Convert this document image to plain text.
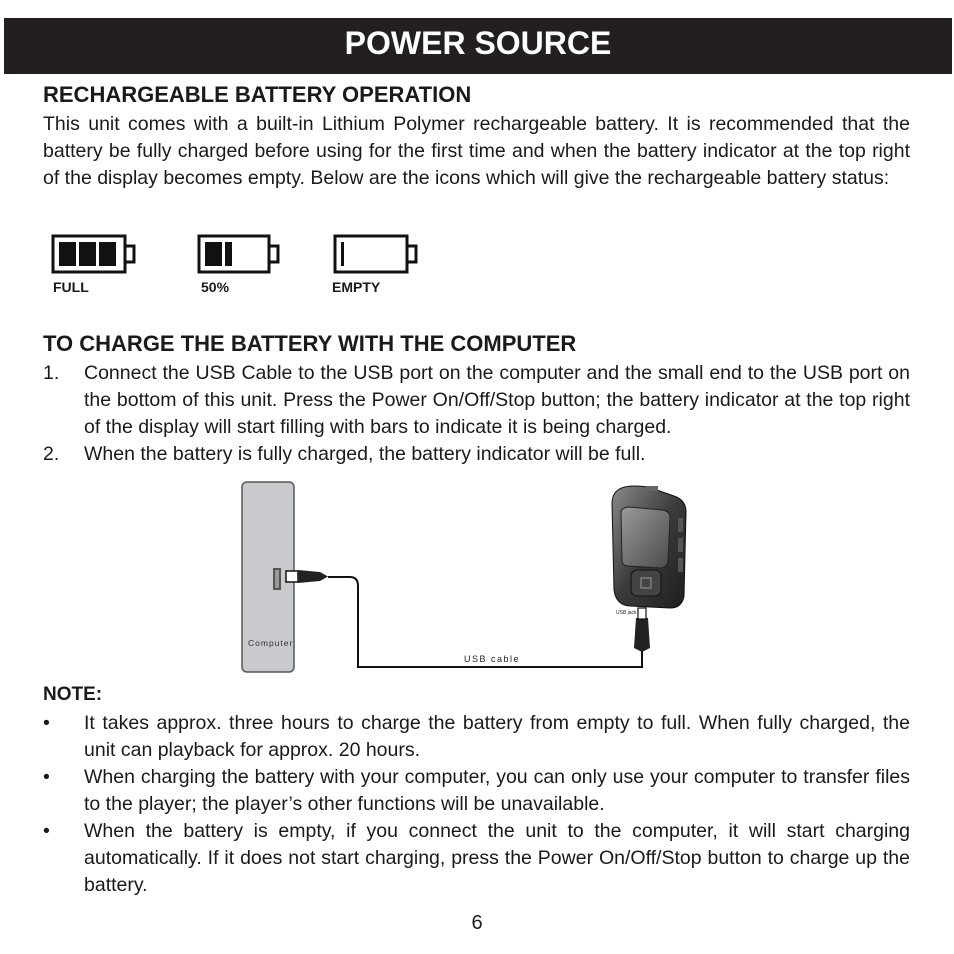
POWER SOURCE
RECHARGEABLE BATTERY OPERATION
This unit comes with a built-in Lithium Polymer rechargeable battery. It is recommended that the battery be fully charged before using for the first time and when the battery indicator at the top right of the display becomes empty. Below are the icons which will give the rechargeable battery status:
FULL	50%	EMPTY
TO CHARGE THE BATTERY WITH THE COMPUTER
1. Connect the USB Cable to the USB port on the computer and the small end to the USB port on the bottom of this unit. Press the Power On/Off/Stop button; the battery indicator at the top right of the display will start filling with bars to indicate it is being charged.
2. When the battery is fully charged, the battery indicator will be full.
Computer
USB cable
USB jack
NOTE:
• It takes approx. three hours to charge the battery from empty to full. When fully charged, the unit can playback for approx. 20 hours.
• When charging the battery with your computer, you can only use your computer to transfer files to the player; the player’s other functions will be unavailable.
• When the battery is empty, if you connect the unit to the computer, it will start charging automatically. If it does not start charging, press the Power On/Off/Stop button to charge up the battery.
6
